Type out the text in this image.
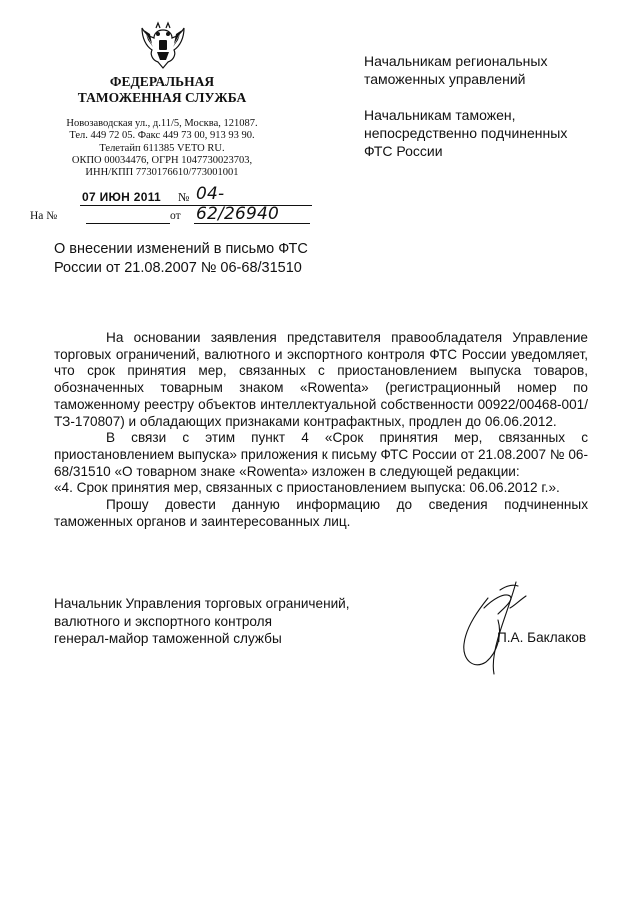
ФЕДЕРАЛЬНАЯ
ТАМОЖЕННАЯ СЛУЖБА
Новозаводская ул., д.11/5, Москва, 121087.
Тел. 449 72 05. Факс 449 73 00, 913 93 90.
Телетайп 611385 VETO RU.
ОКПО 00034476, ОГРН 1047730023703,
ИНН/КПП 7730176610/773001001
07 ИЮН 2011 № 04-62/26940
На №	от
Начальникам региональных
таможенных управлений
Начальникам таможен,
непосредственно подчиненных
ФТС России
О внесении изменений в письмо ФТС
России от 21.08.2007 № 06-68/31510

На основании заявления представителя правообладателя Управление торговых ограничений, валютного и экспортного контроля ФТС России уведомляет, что срок принятия мер, связанных с приостановлением выпуска товаров, обозначенных товарным знаком «Rowenta» (регистрационный номер по таможенному реестру объектов интеллектуальной собственности 00922/00468-001/ТЗ-170807) и обладающих признаками контрафактных, продлен до 06.06.2012.

В связи с этим пункт 4 «Срок принятия мер, связанных с приостановлением выпуска» приложения к письму ФТС России от 21.08.2007 № 06-68/31510 «О товарном знаке «Rowenta» изложен в следующей редакции:

«4. Срок принятия мер, связанных с приостановлением выпуска: 06.06.2012 г.».

Прошу довести данную информацию до сведения подчиненных таможенных органов и заинтересованных лиц.

Начальник Управления торговых ограничений,
валютного и экспортного контроля
генерал-майор таможенной службы	П.А. Баклаков
